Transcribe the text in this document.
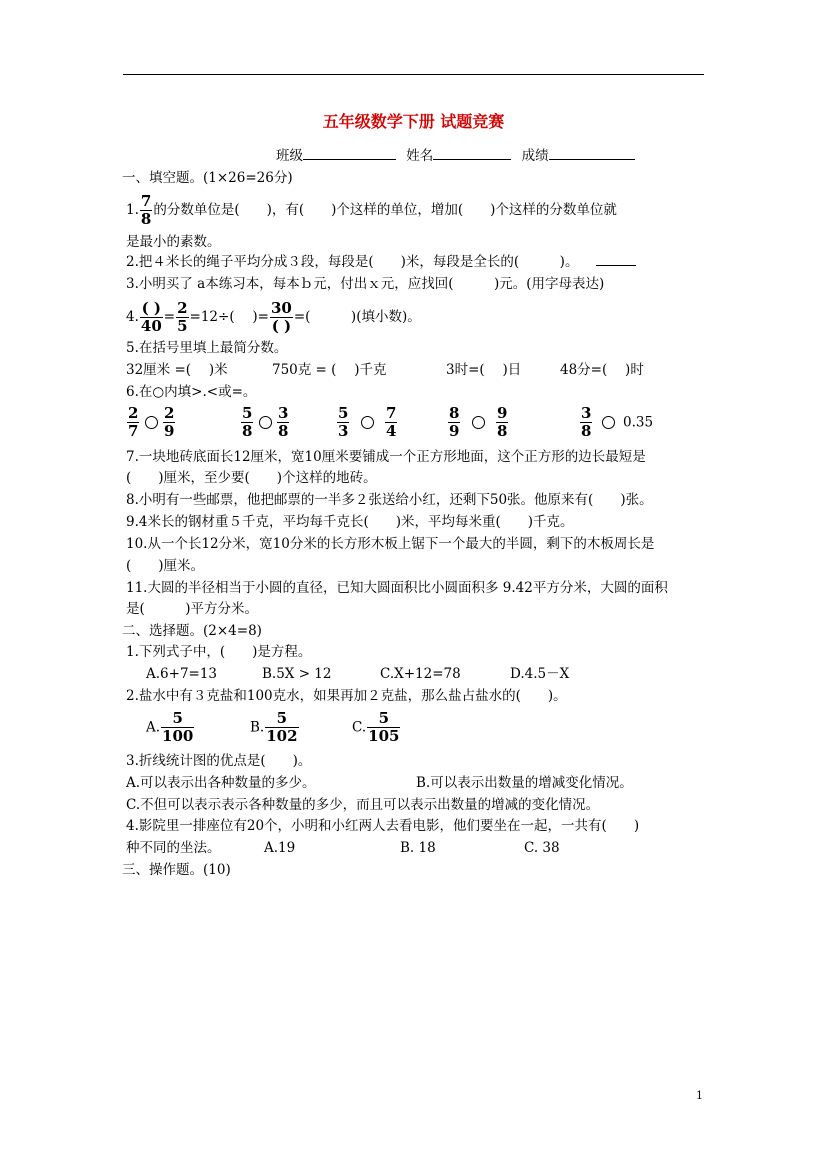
五年级数学下册 试题竞赛
班级	姓名	成绩
一、填空题。(1×26=26分)
1. $\frac{7}{8}$ 的分数单位是(　　)，有(　　)个这样的单位，增加(　　)个这样的分数单位就
是最小的素数。
2.把４米长的绳子平均分成３段，每段是(　　)米，每段是全长的(　　　)。
3.小明买了 a本练习本，每本ｂ元，付出ｘ元，应找回(　　　)元。(用字母表达)
4. $\frac{( )}{40} = \frac{2}{5} =12\div$(　 )= $\frac{30}{( )}$ =(　　　)(填小数)。
5.在括号里填上最简分数。
32厘米 =(　 )米	750克 = (　 )千克	3时=(　 )日	48分=(　 )时
6.在○内填>.<或=。
$\frac{2}{7}$
$\frac{2}{9}$	$\frac{5}{8}$
$\frac{3}{8}$	$\frac{5}{3}$
$\frac{7}{4}$	$\frac{8}{9}$
$\frac{9}{8}$	$\frac{3}{8} 0.35$
7.一块地砖底面长12厘米，宽10厘米要铺成一个正方形地面，这个正方形的边长最短是
(　　)厘米，至少要(　　)个这样的地砖。
8.小明有一些邮票，他把邮票的一半多２张送给小红，还剩下50张。他原来有(　　)张。
9.4米长的钢材重５千克，平均每千克长(　　)米，平均每米重(　　)千克。
10.从一个长12分米，宽10分米的长方形木板上锯下一个最大的半圆，剩下的木板周长是
(　　)厘米。
11.大圆的半径相当于小圆的直径，已知大圆面积比小圆面积多 9.42平方分米，大圆的面积
是(　　　)平方分米。
二、选择题。(2×4=8)
1.下列式子中，(　　)是方程。
A.6+7=13	B.5X > 12	C.X+12=78	D.4.5－X
2.盐水中有３克盐和100克水，如果再加２克盐，那么盐占盐水的(　　)。
A. $\frac{5}{100}$	B. $\frac{5}{102}$	C. $\frac{5}{105}$
3.折线统计图的优点是(　　)。
A.可以表示出各种数量的多少。	B.可以表示出数量的增减变化情况。
C.不但可以表示表示各种数量的多少，而且可以表示出数量的增减的变化情况。
4.影院里一排座位有20个，小明和小红两人去看电影，他们要坐在一起，一共有(　　)
种不同的坐法。	A.19	B. 18	C. 38
三、操作题。(10)
1
